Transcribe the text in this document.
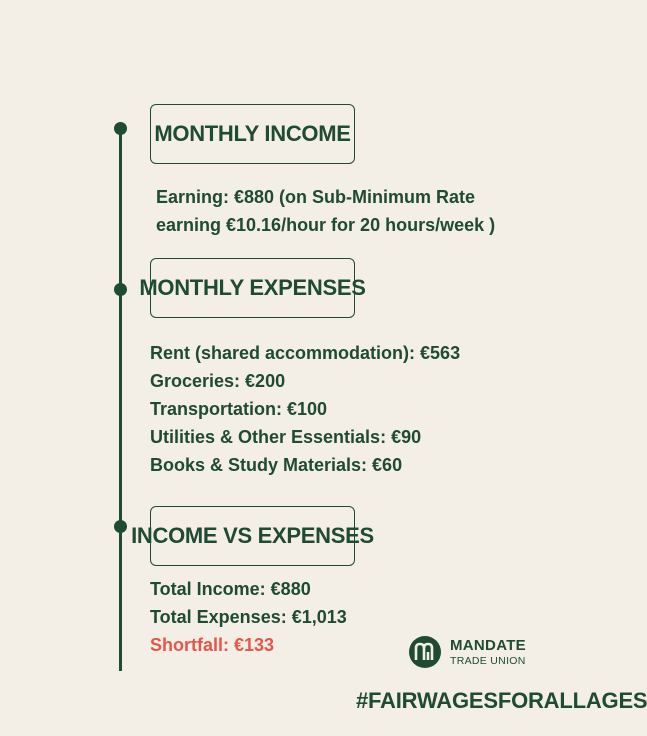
MONTHLY INCOME
Earning: €880 (on Sub-Minimum Rate
earning €10.16/hour for 20 hours/week )
MONTHLY EXPENSES
Rent (shared accommodation): €563
Groceries: €200
Transportation: €100
Utilities & Other Essentials: €90
Books & Study Materials: €60
INCOME VS EXPENSES
Total Income: €880
Total Expenses: €1,013
Shortfall: €133	MANDATE
TRADE UNION
#FAIRWAGESFORALLAGES
